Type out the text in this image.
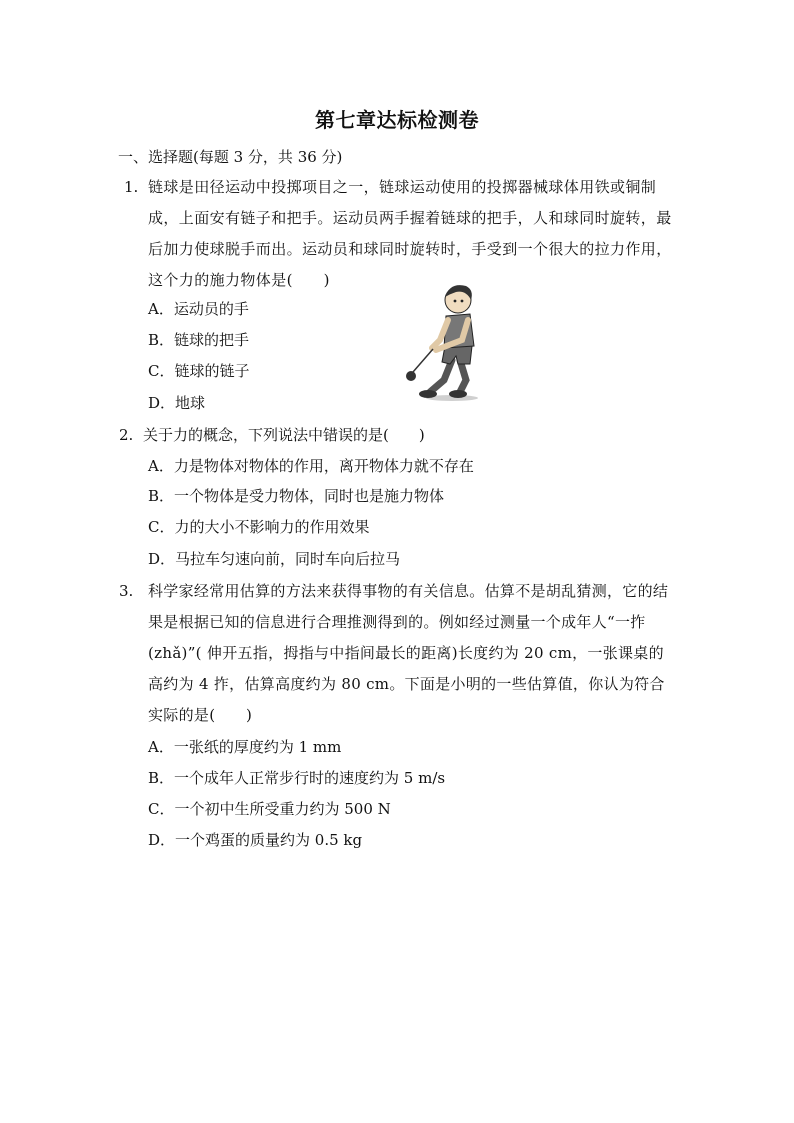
第七章达标检测卷
一、选择题(每题 3 分，共 36 分)
1. 链球是田径运动中投掷项目之一，链球运动使用的投掷器械球体用铁或铜制成，上面安有链子和把手。运动员两手握着链球的把手，人和球同时旋转，最后加力使球脱手而出。运动员和球同时旋转时，手受到一个很大的拉力作用，这个力的施力物体是(　　)
A．运动员的手
B．链球的把手
C．链球的链子
D．地球
2. 关于力的概念，下列说法中错误的是(　　)
A．力是物体对物体的作用，离开物体力就不存在
B．一个物体是受力物体，同时也是施力物体
C．力的大小不影响力的作用效果
D．马拉车匀速向前，同时车向后拉马
3. 科学家经常用估算的方法来获得事物的有关信息。估算不是胡乱猜测，它的结果是根据已知的信息进行合理推测得到的。例如经过测量一个成年人“一拃(zhǎ)”( 伸开五指，拇指与中指间最长的距离)长度约为 20 cm，一张课桌的高约为 4 拃，估算高度约为 80 cm。下面是小明的一些估算值，你认为符合实际的是(　　)
A．一张纸的厚度约为 1 mm
B．一个成年人正常步行时的速度约为 5 m/s
C．一个初中生所受重力约为 500 N
D．一个鸡蛋的质量约为 0.5 kg
